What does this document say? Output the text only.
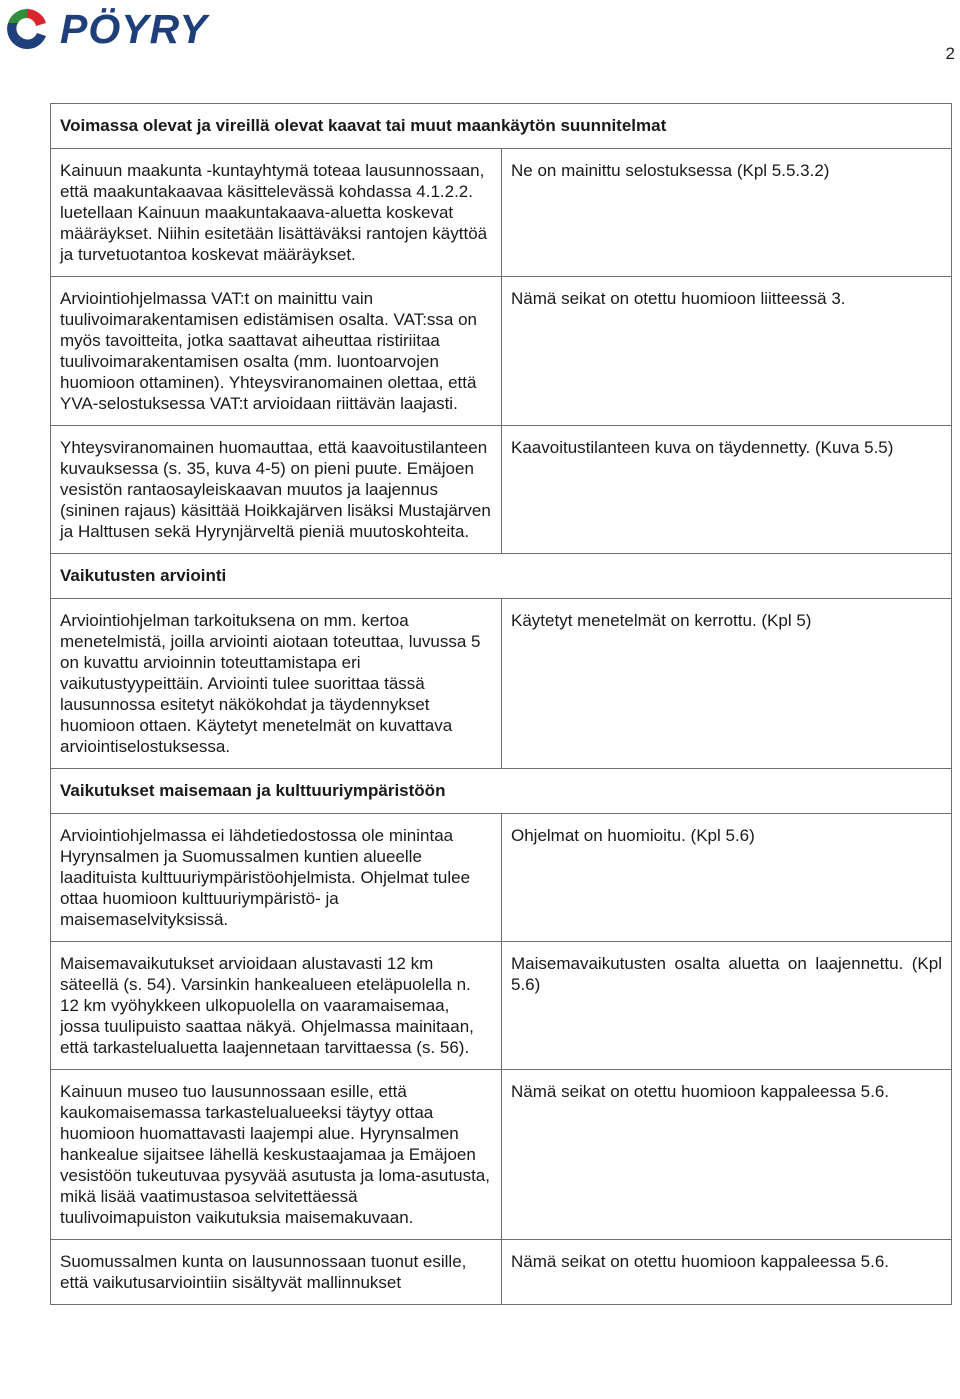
PÖYRY
2
Voimassa olevat ja vireillä olevat kaavat tai muut maankäytön suunnitelmat	
Kainuun maakunta -kuntayhtymä toteaa lausunnossaan, että maakuntakaavaa käsittelevässä kohdassa 4.1.2.2. luetellaan Kainuun maakuntakaava-aluetta koskevat määräykset. Niihin esitetään lisättäväksi rantojen käyttöä ja turvetuotantoa koskevat määräykset.	Ne on mainittu selostuksessa (Kpl 5.5.3.2)
Arviointiohjelmassa VAT:t on mainittu vain tuulivoimarakentamisen edistämisen osalta. VAT:ssa on myös tavoitteita, jotka saattavat aiheuttaa ristiriitaa tuulivoimarakentamisen osalta (mm. luontoarvojen huomioon ottaminen). Yhteysviranomainen olettaa, että YVA-selostuksessa VAT:t arvioidaan riittävän laajasti.	Nämä seikat on otettu huomioon liitteessä 3.
Yhteysviranomainen huomauttaa, että kaavoitustilanteen kuvauksessa (s. 35, kuva 4-5) on pieni puute. Emäjoen vesistön rantaosayleiskaavan muutos ja laajennus (sininen rajaus) käsittää Hoikkajärven lisäksi Mustajärven ja Halttusen sekä Hyrynjärveltä pieniä muutoskohteita.	Kaavoitustilanteen kuva on täydennetty. (Kuva 5.5)
Vaikutusten arviointi	
Arviointiohjelman tarkoituksena on mm. kertoa menetelmistä, joilla arviointi aiotaan toteuttaa, luvussa 5 on kuvattu arvioinnin toteuttamistapa eri vaikutustyypeittäin. Arviointi tulee suorittaa tässä lausunnossa esitetyt näkökohdat ja täydennykset huomioon ottaen. Käytetyt menetelmät on kuvattava arviointiselostuksessa.	Käytetyt menetelmät on kerrottu. (Kpl 5)
Vaikutukset maisemaan ja kulttuuriympäristöön	
Arviointiohjelmassa ei lähdetiedostossa ole minintaa Hyrynsalmen ja Suomussalmen kuntien alueelle laadituista kulttuuriympäristöohjelmista. Ohjelmat tulee ottaa huomioon kulttuuriympäristö- ja maisemaselvityksissä.	Ohjelmat on huomioitu. (Kpl 5.6)
Maisemavaikutukset arvioidaan alustavasti 12 km säteellä (s. 54). Varsinkin hankealueen eteläpuolella n. 12 km vyöhykkeen ulkopuolella on vaaramaisemaa, jossa tuulipuisto saattaa näkyä. Ohjelmassa mainitaan, että tarkastelualuetta laajennetaan tarvittaessa (s. 56).	Maisemavaikutusten osalta aluetta on laajennettu. (Kpl 5.6)
Kainuun museo tuo lausunnossaan esille, että kaukomaisemassa tarkastelualueeksi täytyy ottaa huomioon huomattavasti laajempi alue. Hyrynsalmen hankealue sijaitsee lähellä keskustaajamaa ja Emäjoen vesistöön tukeutuvaa pysyvää asutusta ja loma-asutusta, mikä lisää vaatimustasoa selvitettäessä tuulivoimapuiston vaikutuksia maisemakuvaan.	Nämä seikat on otettu huomioon kappaleessa 5.6.
Suomussalmen kunta on lausunnossaan tuonut esille, että vaikutusarviointiin sisältyvät mallinnukset	Nämä seikat on otettu huomioon kappaleessa 5.6.
